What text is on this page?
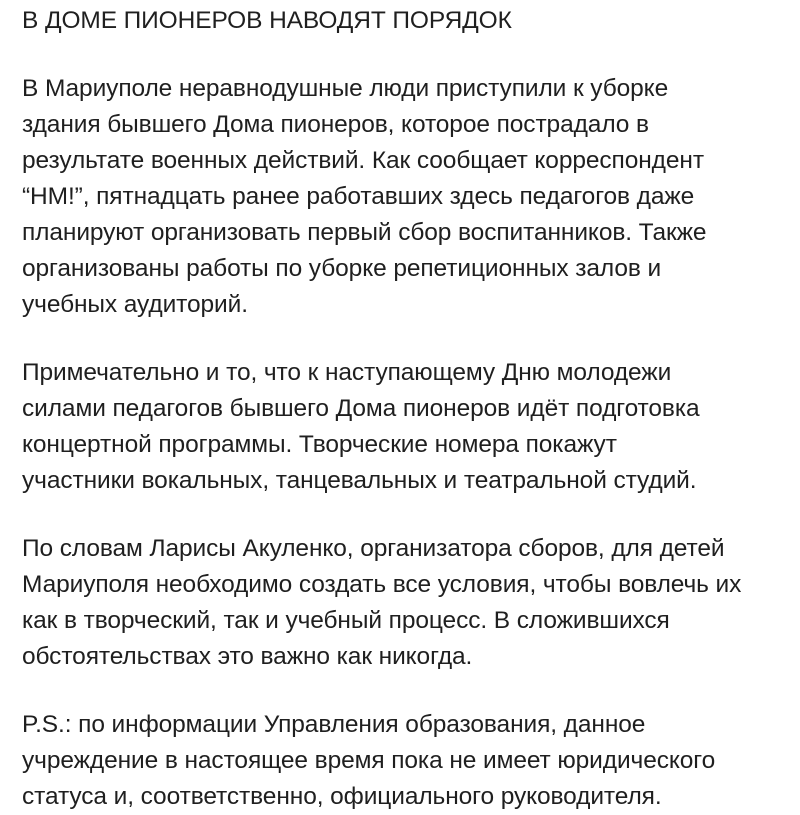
В ДОМЕ ПИОНЕРОВ НАВОДЯТ ПОРЯДОК

В Мариуполе неравнодушные люди приступили к уборке
здания бывшего Дома пионеров, которое пострадало в
результате военных действий. Как сообщает корреспондент
“НМ!”, пятнадцать ранее работавших здесь педагогов даже
планируют организовать первый сбор воспитанников. Также
организованы работы по уборке репетиционных залов и
учебных аудиторий.

Примечательно и то, что к наступающему Дню молодежи
силами педагогов бывшего Дома пионеров идёт подготовка
концертной программы. Творческие номера покажут
участники вокальных, танцевальных и театральной студий.

По словам Ларисы Акуленко, организатора сборов, для детей
Мариуполя необходимо создать все условия, чтобы вовлечь их
как в творческий, так и учебный процесс. В сложившихся
обстоятельствах это важно как никогда.

P.S.: по информации Управления образования, данное
учреждение в настоящее время пока не имеет юридического
статуса и, соответственно, официального руководителя.
